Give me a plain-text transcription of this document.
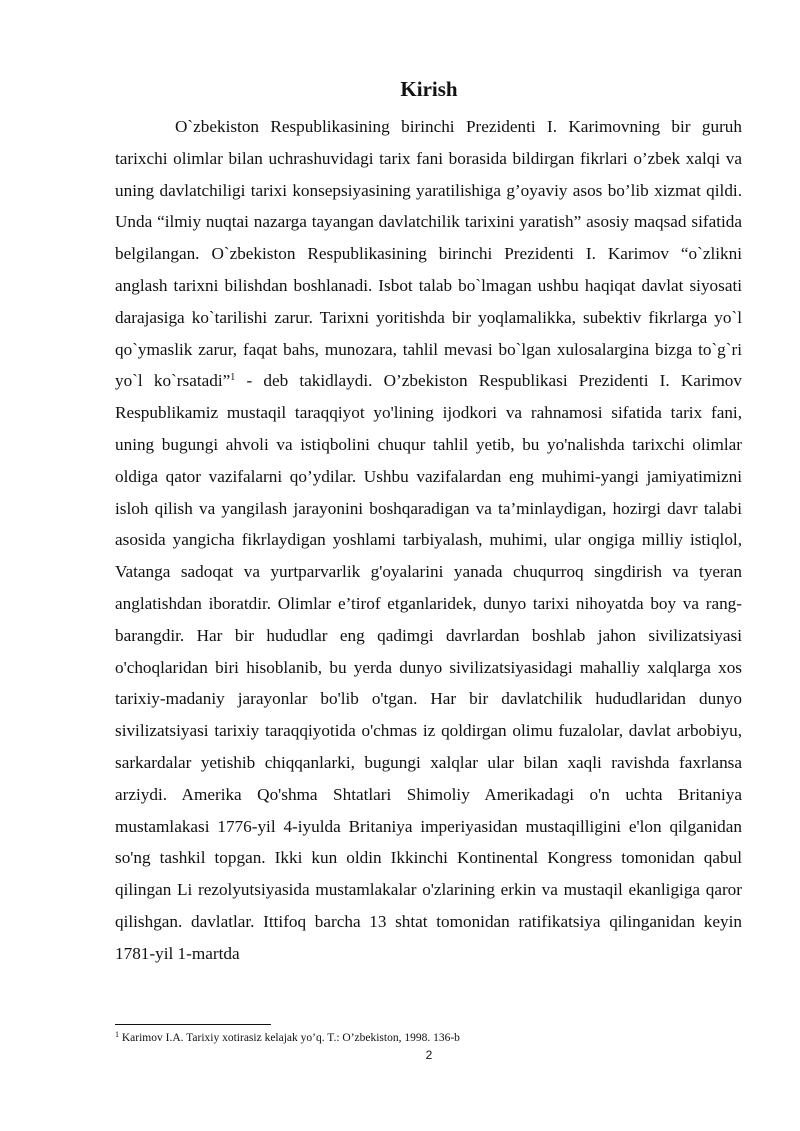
Kirish

O`zbekiston Respublikasining birinchi Prezidenti I. Karimovning bir guruh tarixchi olimlar bilan uchrashuvidagi tarix fani borasida bildirgan fikrlari o’zbek xalqi va uning davlatchiligi tarixi konsepsiyasining yaratilishiga g’oyaviy asos bo’lib xizmat qildi. Unda “ilmiy nuqtai nazarga tayangan davlatchilik tarixini yaratish” asosiy maqsad sifatida belgilangan. O`zbekiston Respublikasining birinchi Prezidenti I. Karimov “o`zlikni anglash tarixni bilishdan boshlanadi. Isbot talab bo`lmagan ushbu haqiqat davlat siyosati darajasiga ko`tarilishi zarur. Tarixni yoritishda bir yoqlamalikka, subektiv fikrlarga yo`l qo`ymaslik zarur, faqat bahs, munozara, tahlil mevasi bo`lgan xulosalargina bizga to`g`ri yo`l ko`rsatadi”$^1$ - deb takidlaydi. O’zbekiston Respublikasi Prezidenti I. Karimov Respublikamiz mustaqil taraqqiyot yo'lining ijodkori va rahnamosi sifatida tarix fani, uning bugungi ahvoli va istiqbolini chuqur tahlil yetib, bu yo'nalishda tarixchi olimlar oldiga qator vazifalarni qo’ydilar. Ushbu vazifalardan eng muhimi-yangi jamiyatimizni isloh qilish va yangilash jarayonini boshqaradigan va ta’minlaydigan, hozirgi davr talabi asosida yangicha fikrlaydigan yoshlami tarbiyalash, muhimi, ular ongiga milliy istiqlol, Vatanga sadoqat va yurtparvarlik g'oyalarini yanada chuqurroq singdirish va tyeran anglatishdan iboratdir. Olimlar e’tirof etganlaridek, dunyo tarixi nihoyatda boy va rang-barangdir. Har bir hududlar eng qadimgi davrlardan boshlab jahon sivilizatsiyasi o'choqlaridan biri hisoblanib, bu yerda dunyo sivilizatsiyasidagi mahalliy xalqlarga xos tarixiy-madaniy jarayonlar bo'lib o'tgan. Har bir davlatchilik hududlaridan dunyo sivilizatsiyasi tarixiy taraqqiyotida o'chmas iz qoldirgan olimu fuzalolar, davlat arbobiyu, sarkardalar yetishib chiqqanlarki, bugungi xalqlar ular bilan xaqli ravishda faxrlansa arziydi. Amerika Qo'shma Shtatlari Shimoliy Amerikadagi o'n uchta Britaniya mustamlakasi 1776-yil 4-iyulda Britaniya imperiyasidan mustaqilligini e'lon qilganidan so'ng tashkil topgan. Ikki kun oldin Ikkinchi Kontinental Kongress tomonidan qabul qilingan Li rezolyutsiyasida mustamlakalar o'zlarining erkin va mustaqil ekanligiga qaror qilishgan. davlatlar. Ittifoq barcha 13 shtat tomonidan ratifikatsiya qilinganidan keyin 1781-yil 1-martda

$^1$ Karimov I.A. Tarixiy xotirasiz kelajak yo’q. T.: O’zbekiston, 1998. 136-b
2
